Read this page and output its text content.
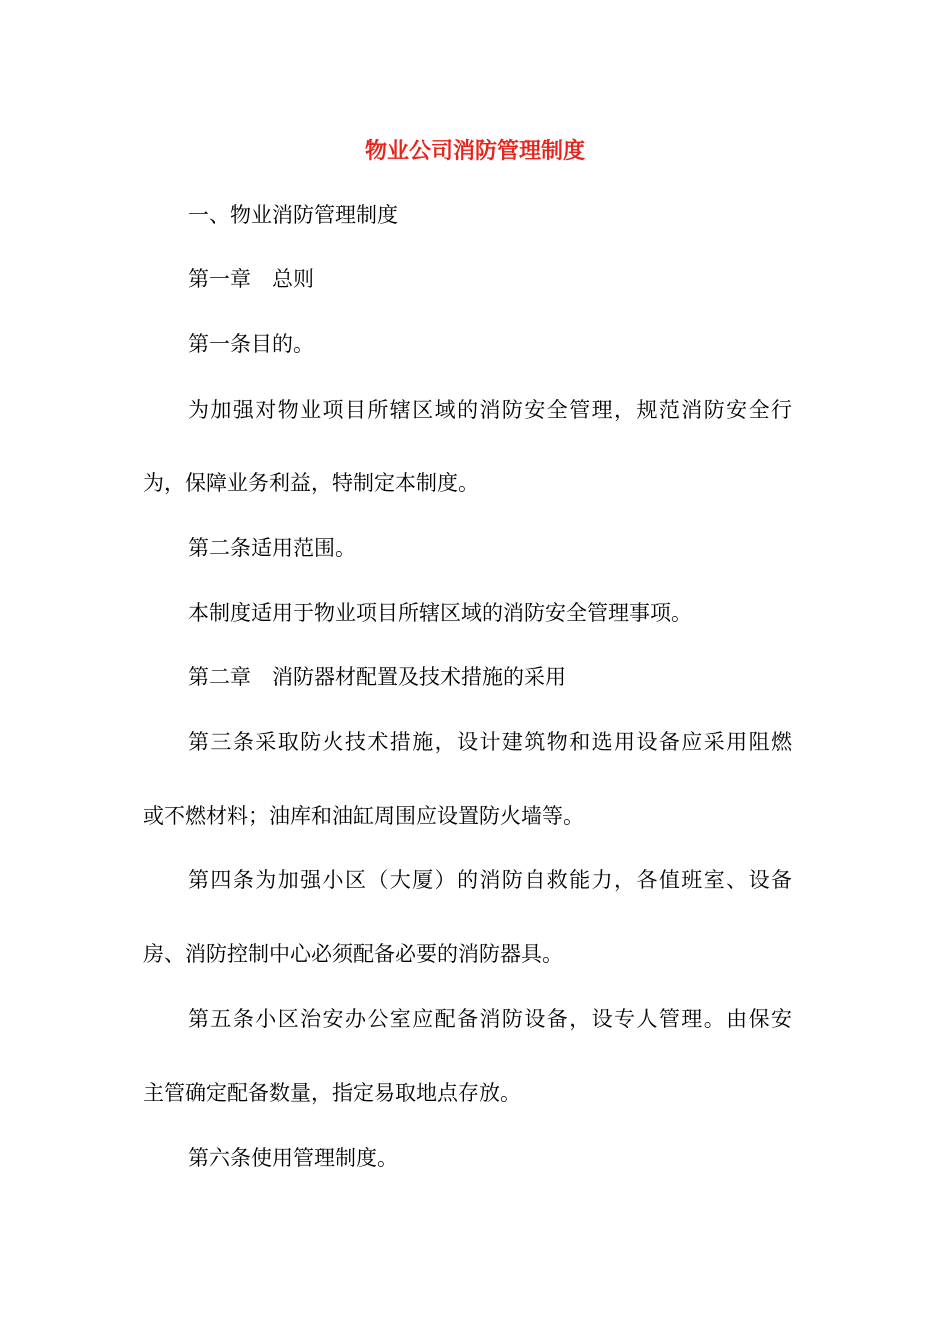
物业公司消防管理制度
一、物业消防管理制度
第一章　总则
第一条目的。
为加强对物业项目所辖区域的消防安全管理，规范消防安全行
为，保障业务利益，特制定本制度。
第二条适用范围。
本制度适用于物业项目所辖区域的消防安全管理事项。
第二章　消防器材配置及技术措施的采用
第三条采取防火技术措施，设计建筑物和选用设备应采用阻燃
或不燃材料；油库和油缸周围应设置防火墙等。
第四条为加强小区（大厦）的消防自救能力，各值班室、设备
房、消防控制中心必须配备必要的消防器具。
第五条小区治安办公室应配备消防设备，设专人管理。由保安
主管确定配备数量，指定易取地点存放。
第六条使用管理制度。
